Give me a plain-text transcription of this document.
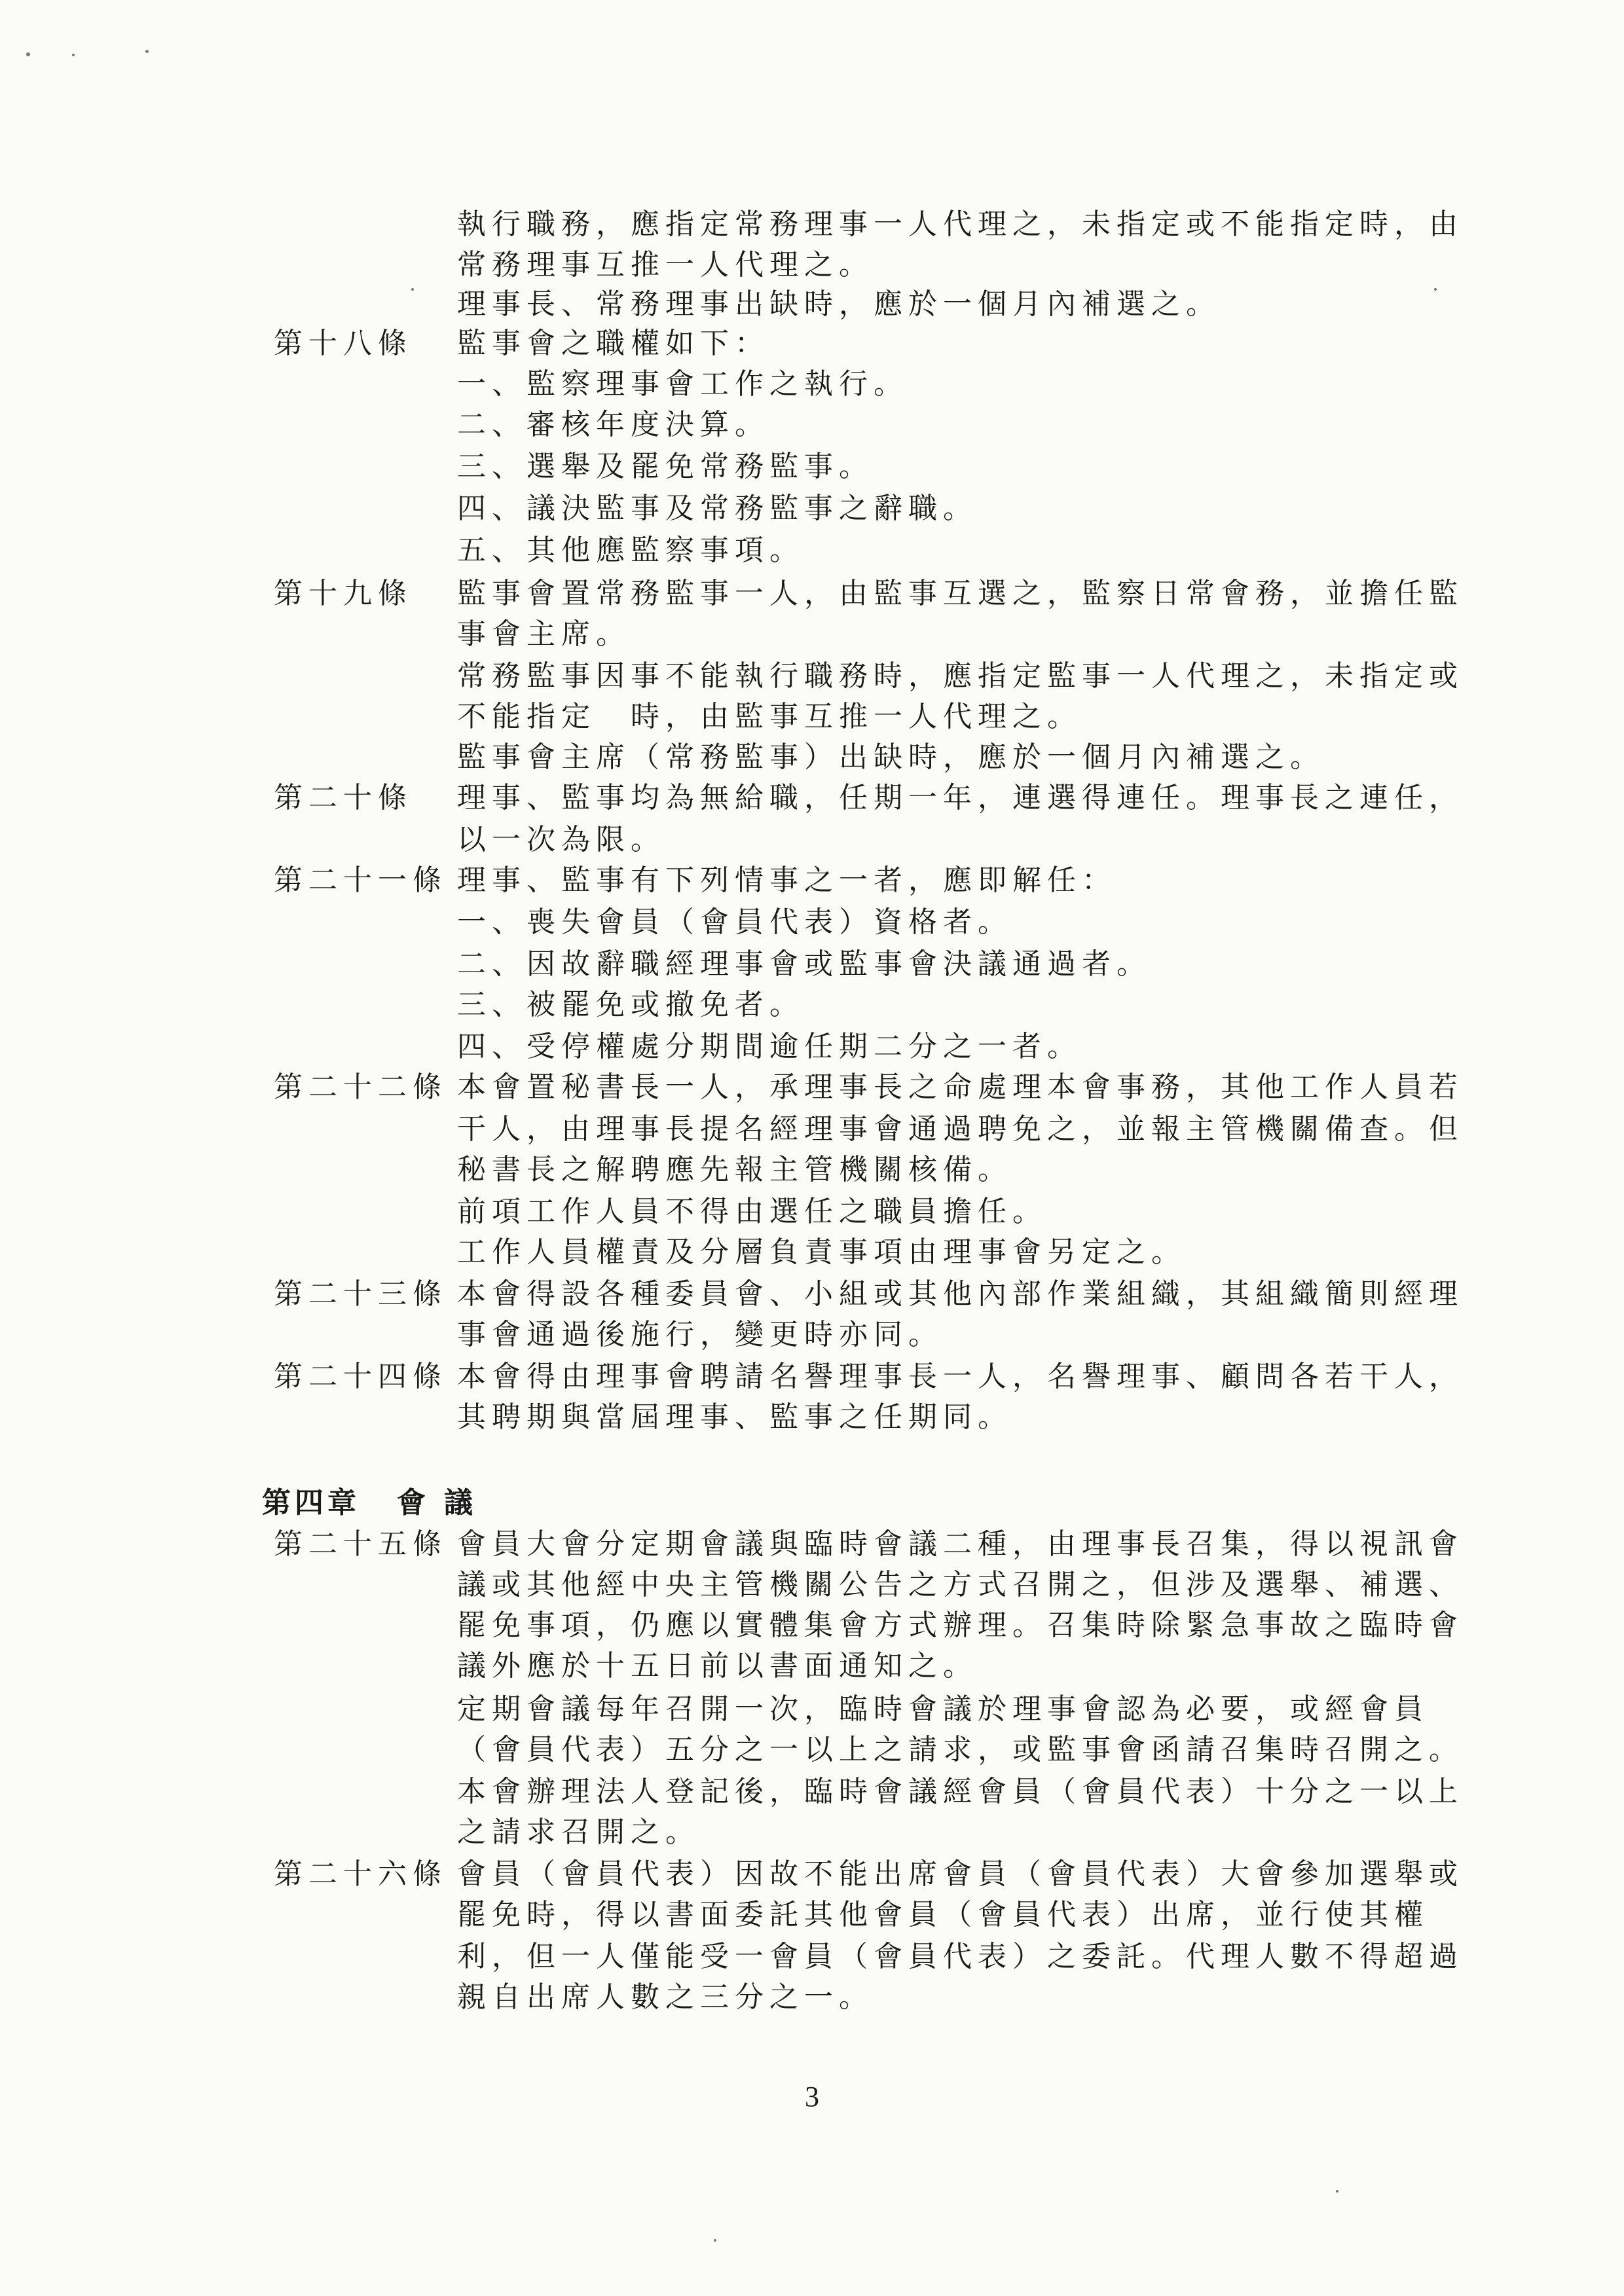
第十八條
第十九條
第二十條
第二十一條
第二十二條
第二十三條
第二十四條
第二十五條
第二十六條
第四章 會議
執行職務，應指定常務理事一人代理之，未指定或不能指定時，由
常務理事互推一人代理之。
理事長、常務理事出缺時，應於一個月內補選之。
監事會之職權如下：
一、監察理事會工作之執行。
二、審核年度決算。
三、選舉及罷免常務監事。
四、議決監事及常務監事之辭職。
五、其他應監察事項。
監事會置常務監事一人，由監事互選之，監察日常會務，並擔任監
事會主席。
常務監事因事不能執行職務時，應指定監事一人代理之，未指定或
不能指定　時，由監事互推一人代理之。
監事會主席（常務監事）出缺時，應於一個月內補選之。
理事、監事均為無給職，任期一年，連選得連任。理事長之連任，
以一次為限。
理事、監事有下列情事之一者，應即解任：
一、喪失會員（會員代表）資格者。
二、因故辭職經理事會或監事會決議通過者。
三、被罷免或撤免者。
四、受停權處分期間逾任期二分之一者。
本會置秘書長一人，承理事長之命處理本會事務，其他工作人員若
干人，由理事長提名經理事會通過聘免之，並報主管機關備查。但
秘書長之解聘應先報主管機關核備。
前項工作人員不得由選任之職員擔任。
工作人員權責及分層負責事項由理事會另定之。
本會得設各種委員會、小組或其他內部作業組織，其組織簡則經理
事會通過後施行，變更時亦同。
本會得由理事會聘請名譽理事長一人，名譽理事、顧問各若干人，
其聘期與當屆理事、監事之任期同。
會員大會分定期會議與臨時會議二種，由理事長召集，得以視訊會
議或其他經中央主管機關公告之方式召開之，但涉及選舉、補選、
罷免事項，仍應以實體集會方式辦理。召集時除緊急事故之臨時會
議外應於十五日前以書面通知之。
定期會議每年召開一次，臨時會議於理事會認為必要，或經會員
（會員代表）五分之一以上之請求，或監事會函請召集時召開之。
本會辦理法人登記後，臨時會議經會員（會員代表）十分之一以上
之請求召開之。
會員（會員代表）因故不能出席會員（會員代表）大會參加選舉或
罷免時，得以書面委託其他會員（會員代表）出席，並行使其權
利，但一人僅能受一會員（會員代表）之委託。代理人數不得超過
親自出席人數之三分之一。
3
